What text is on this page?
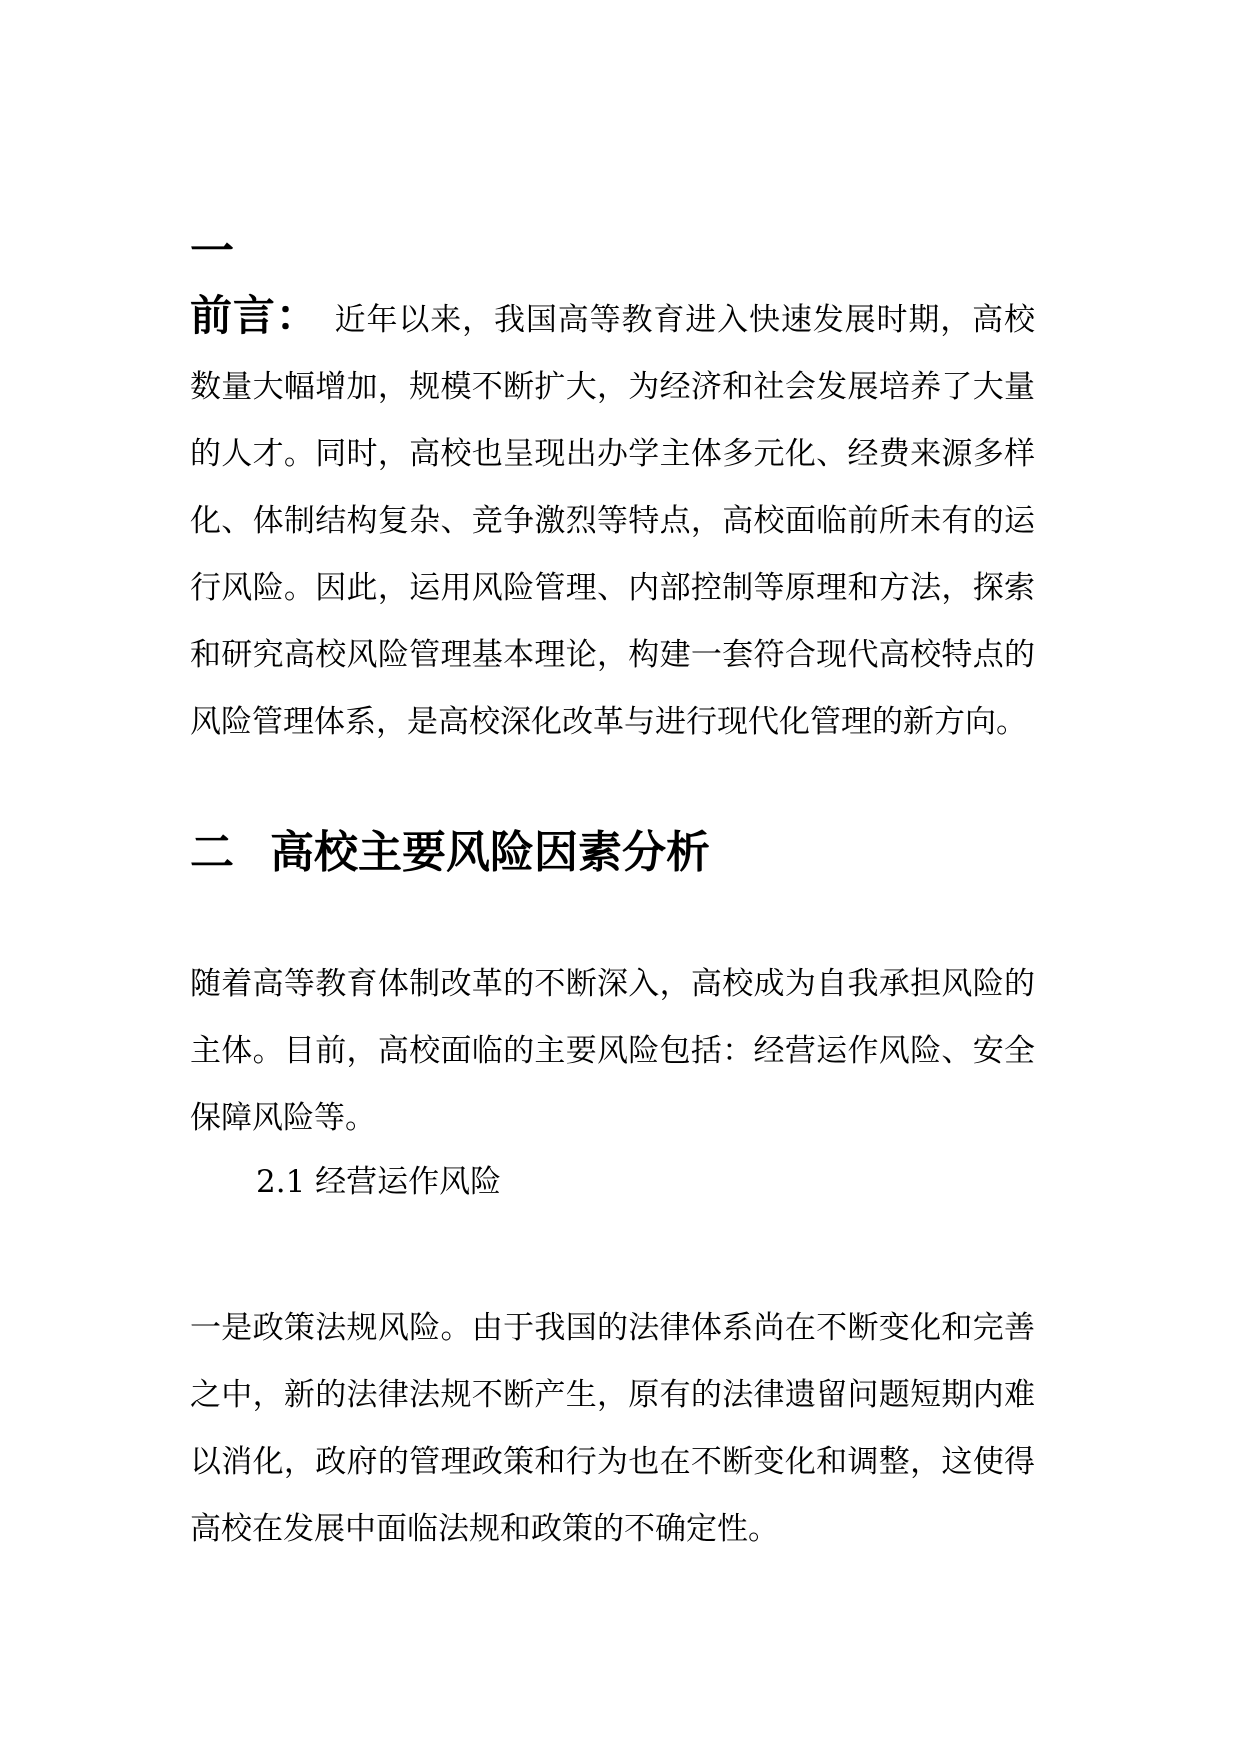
一

前言： 近年以来，我国高等教育进入快速发展时期，高校数量大幅增加，规模不断扩大，为经济和社会发展培养了大量的人才。同时，高校也呈现出办学主体多元化、经费来源多样化、体制结构复杂、竞争激烈等特点，高校面临前所未有的运行风险。因此，运用风险管理、内部控制等原理和方法，探索和研究高校风险管理基本理论，构建一套符合现代高校特点的风险管理体系，是高校深化改革与进行现代化管理的新方向。

二 高校主要风险因素分析

随着高等教育体制改革的不断深入，高校成为自我承担风险的主体。目前，高校面临的主要风险包括：经营运作风险、安全保障风险等。

2.1 经营运作风险

一是政策法规风险。由于我国的法律体系尚在不断变化和完善之中，新的法律法规不断产生，原有的法律遗留问题短期内难以消化，政府的管理政策和行为也在不断变化和调整，这使得高校在发展中面临法规和政策的不确定性。
